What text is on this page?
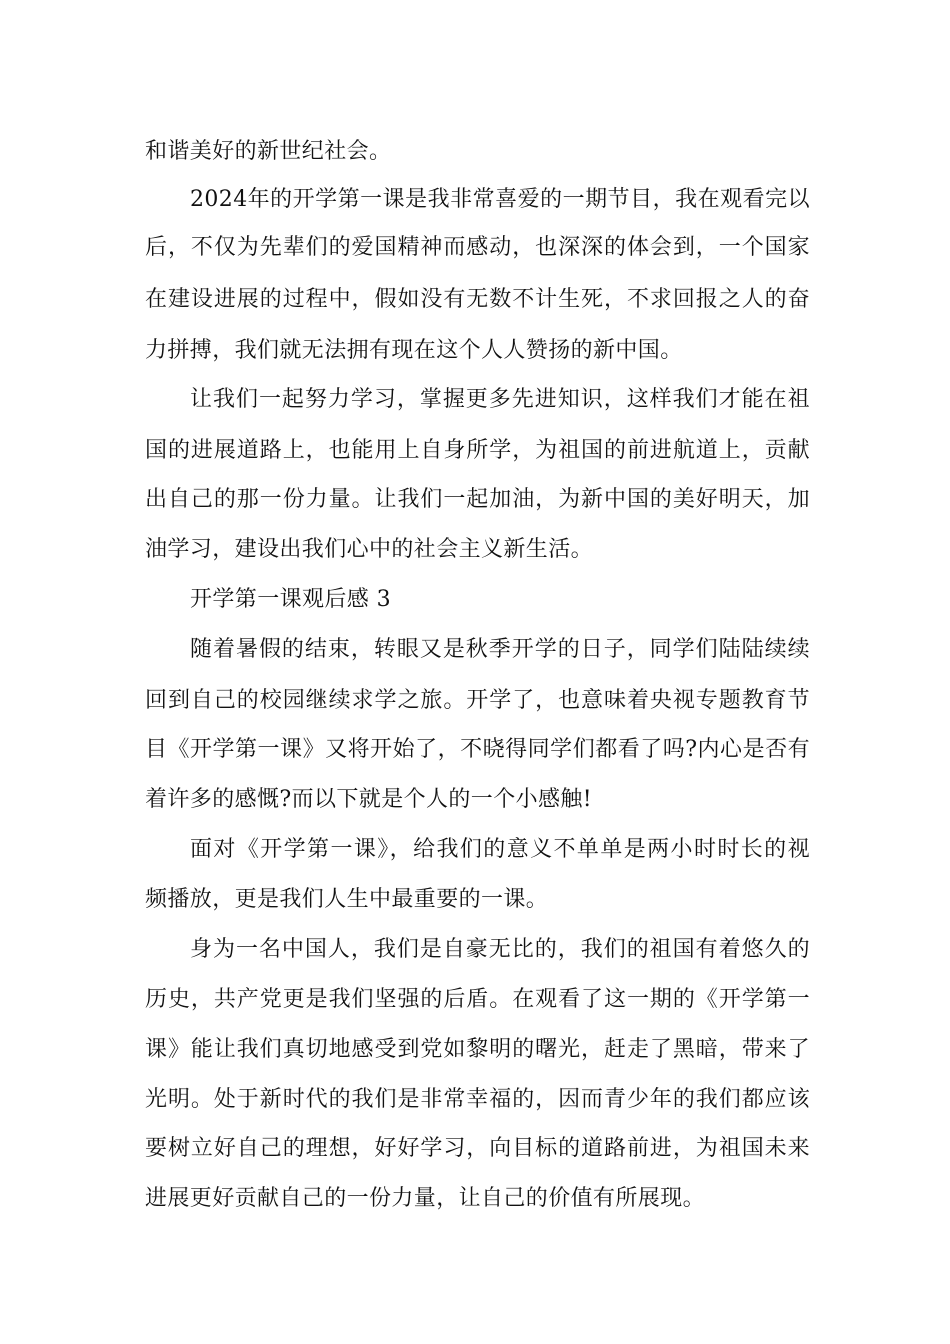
和谐美好的新世纪社会。
2024年的开学第一课是我非常喜爱的一期节目，我在观看完以
后，不仅为先辈们的爱国精神而感动，也深深的体会到，一个国家
在建设进展的过程中，假如没有无数不计生死，不求回报之人的奋
力拼搏，我们就无法拥有现在这个人人赞扬的新中国。
让我们一起努力学习，掌握更多先进知识，这样我们才能在祖
国的进展道路上，也能用上自身所学，为祖国的前进航道上，贡献
出自己的那一份力量。让我们一起加油，为新中国的美好明天，加
油学习，建设出我们心中的社会主义新生活。
开学第一课观后感 3
随着暑假的结束，转眼又是秋季开学的日子，同学们陆陆续续
回到自己的校园继续求学之旅。开学了，也意味着央视专题教育节
目《开学第一课》又将开始了，不晓得同学们都看了吗?内心是否有
着许多的感慨?而以下就是个人的一个小感触!
面对《开学第一课》，给我们的意义不单单是两小时时长的视
频播放，更是我们人生中最重要的一课。
身为一名中国人，我们是自豪无比的，我们的祖国有着悠久的
历史，共产党更是我们坚强的后盾。在观看了这一期的《开学第一
课》能让我们真切地感受到党如黎明的曙光，赶走了黑暗，带来了
光明。处于新时代的我们是非常幸福的，因而青少年的我们都应该
要树立好自己的理想，好好学习，向目标的道路前进，为祖国未来
进展更好贡献自己的一份力量，让自己的价值有所展现。
